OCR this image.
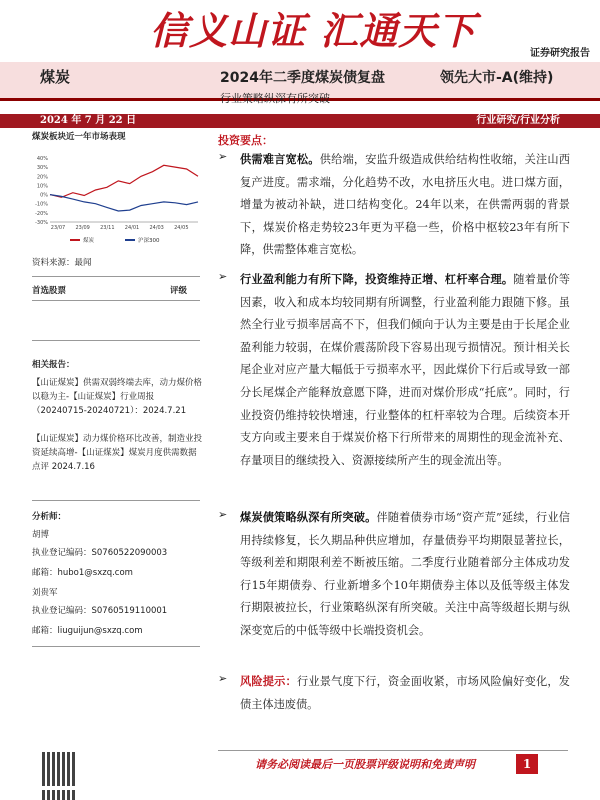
信义山证 汇通天下
证券研究报告
煤炭	2024年二季度煤炭债复盘	领先大市-A(维持)
行业策略纵深有所突破
2024 年 7 月 22 日	行业研究/行业分析
煤炭板块近一年市场表现
40%
30%
20%
10%
0%
-10%
-20%
-30%
23/07 23/09 23/11 24/01 24/03 24/05
煤炭	沪深300
资料来源：最闻
首选股票	评级
相关报告：
【山证煤炭】供需双弱终端去库，动力煤价格以稳为主-【山证煤炭】行业周报（20240715-20240721）：2024.7.21
【山证煤炭】动力煤价格环比改善，制造业投资延续高增-【山证煤炭】煤炭月度供需数据点评 2024.7.16
分析师：
胡博
执业登记编码：S0760522090003
邮箱：hubo1@sxzq.com
刘贵军
执业登记编码：S0760519110001
邮箱：liuguijun@sxzq.com
投资要点：
➢	供需难言宽松。供给端，安监升级造成供给结构性收缩，关注山西复产进度。需求端，分化趋势不改，水电挤压火电。进口煤方面，增量为被动补缺，进口结构变化。24年以来，在供需两弱的背景下，煤炭价格走势较23年更为平稳一些，价格中枢较23年有所下降，供需整体难言宽松。
➢	行业盈利能力有所下降，投资维持正增、杠杆率合理。随着量价等因素，收入和成本均较同期有所调整，行业盈利能力跟随下修。虽然全行业亏损率居高不下，但我们倾向于认为主要是由于长尾企业盈利能力较弱，在煤价震荡阶段下容易出现亏损情况。预计相关长尾企业对应产量大幅低于亏损率水平，因此煤价下行后或导致一部分长尾煤企产能释放意愿下降，进而对煤价形成“托底”。同时，行业投资仍维持较快增速，行业整体的杠杆率较为合理。后续资本开支方向或主要来自于煤炭价格下行所带来的周期性的现金流补充、存量项目的继续投入、资源接续所产生的现金流出等。
➢	煤炭债策略纵深有所突破。伴随着债券市场“资产荒”延续，行业信用持续修复，长久期品种供应增加，存量债券平均期限显著拉长，等级利差和期限利差不断被压缩。二季度行业随着部分主体成功发行15年期债券、行业新增多个10年期债券主体以及低等级主体发行期限被拉长，行业策略纵深有所突破。关注中高等级超长期与纵深变宽后的中低等级中长端投资机会。
➢	风险提示：行业景气度下行，资金面收紧，市场风险偏好变化，发债主体违废债。
请务必阅读最后一页股票评级说明和免责声明	1
